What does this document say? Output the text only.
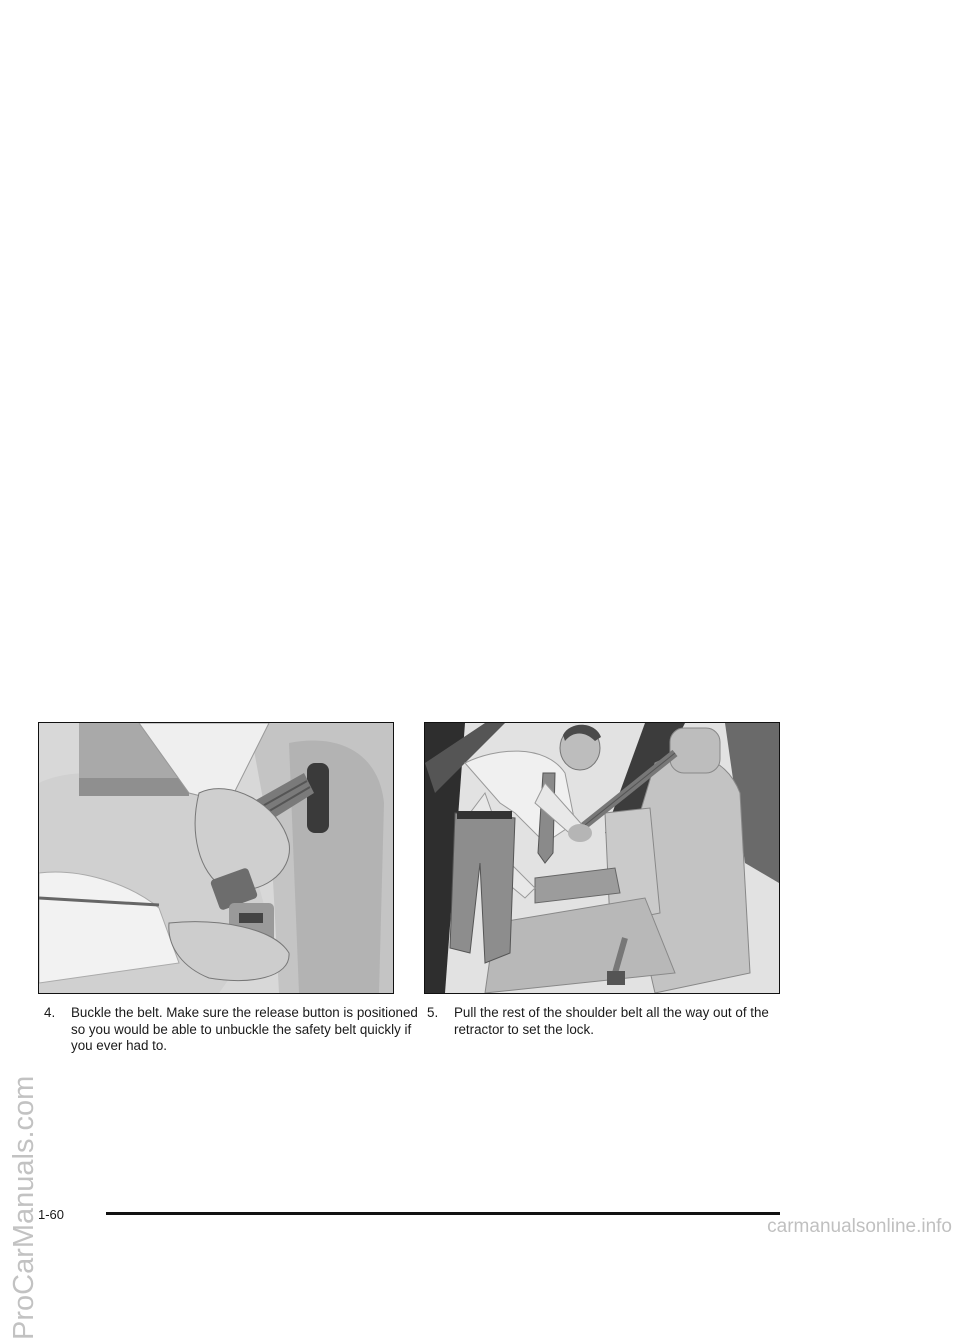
4. Buckle the belt. Make sure the release button is positioned so you would be able to unbuckle the safety belt quickly if you ever had to.

5. Pull the rest of the shoulder belt all the way out of the retractor to set the lock.

1-60
ProCarManuals.com	carmanualsonline.info
